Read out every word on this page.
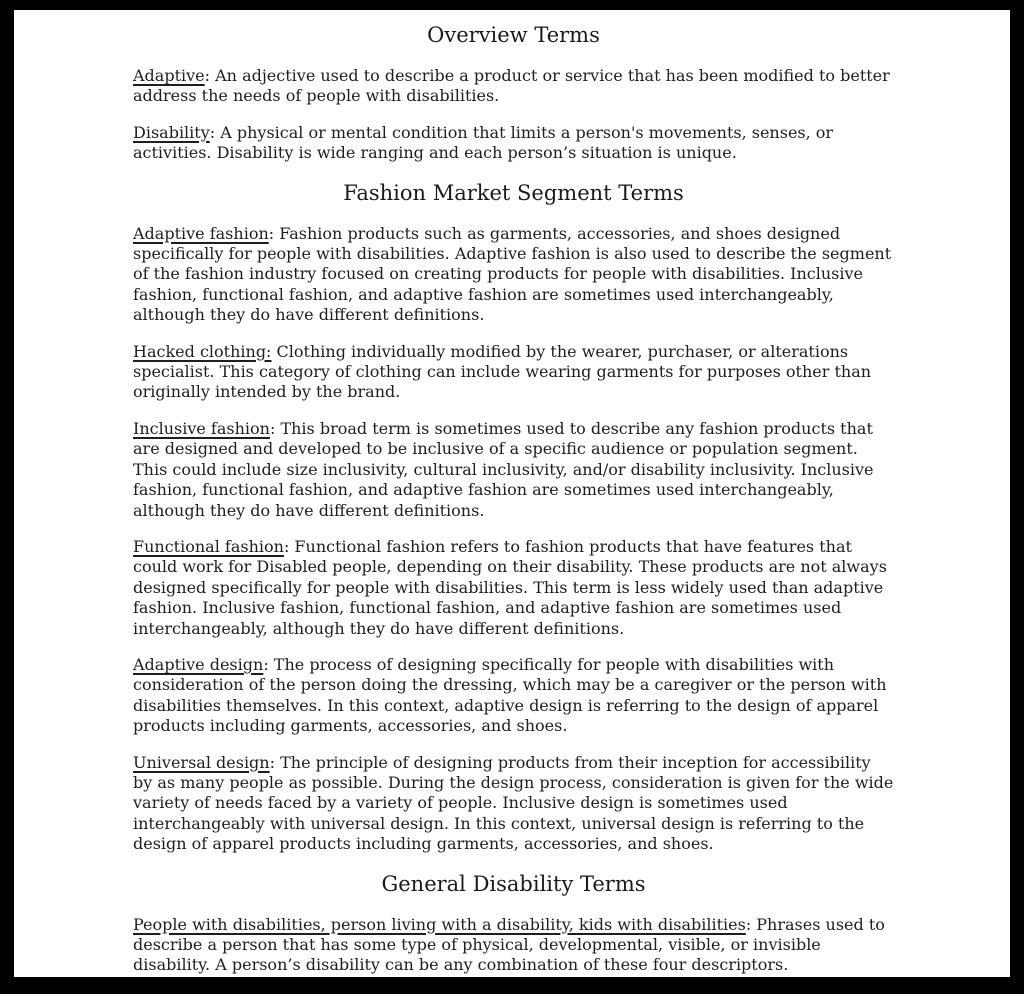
Overview Terms

Adaptive: An adjective used to describe a product or service that has been modified to better address the needs of people with disabilities.

Disability: A physical or mental condition that limits a person's movements, senses, or activities. Disability is wide ranging and each person’s situation is unique.

Fashion Market Segment Terms

Adaptive fashion: Fashion products such as garments, accessories, and shoes designed specifically for people with disabilities. Adaptive fashion is also used to describe the segment of the fashion industry focused on creating products for people with disabilities. Inclusive fashion, functional fashion, and adaptive fashion are sometimes used interchangeably, although they do have different definitions.

Hacked clothing: Clothing individually modified by the wearer, purchaser, or alterations specialist. This category of clothing can include wearing garments for purposes other than originally intended by the brand.

Inclusive fashion: This broad term is sometimes used to describe any fashion products that are designed and developed to be inclusive of a specific audience or population segment. This could include size inclusivity, cultural inclusivity, and/or disability inclusivity. Inclusive fashion, functional fashion, and adaptive fashion are sometimes used interchangeably, although they do have different definitions.

Functional fashion: Functional fashion refers to fashion products that have features that could work for Disabled people, depending on their disability. These products are not always designed specifically for people with disabilities. This term is less widely used than adaptive fashion. Inclusive fashion, functional fashion, and adaptive fashion are sometimes used interchangeably, although they do have different definitions.

Adaptive design: The process of designing specifically for people with disabilities with consideration of the person doing the dressing, which may be a caregiver or the person with disabilities themselves. In this context, adaptive design is referring to the design of apparel products including garments, accessories, and shoes.

Universal design: The principle of designing products from their inception for accessibility by as many people as possible. During the design process, consideration is given for the wide variety of needs faced by a variety of people. Inclusive design is sometimes used interchangeably with universal design. In this context, universal design is referring to the design of apparel products including garments, accessories, and shoes.

General Disability Terms

People with disabilities, person living with a disability, kids with disabilities: Phrases used to describe a person that has some type of physical, developmental, visible, or invisible disability. A person’s disability can be any combination of these four descriptors.
